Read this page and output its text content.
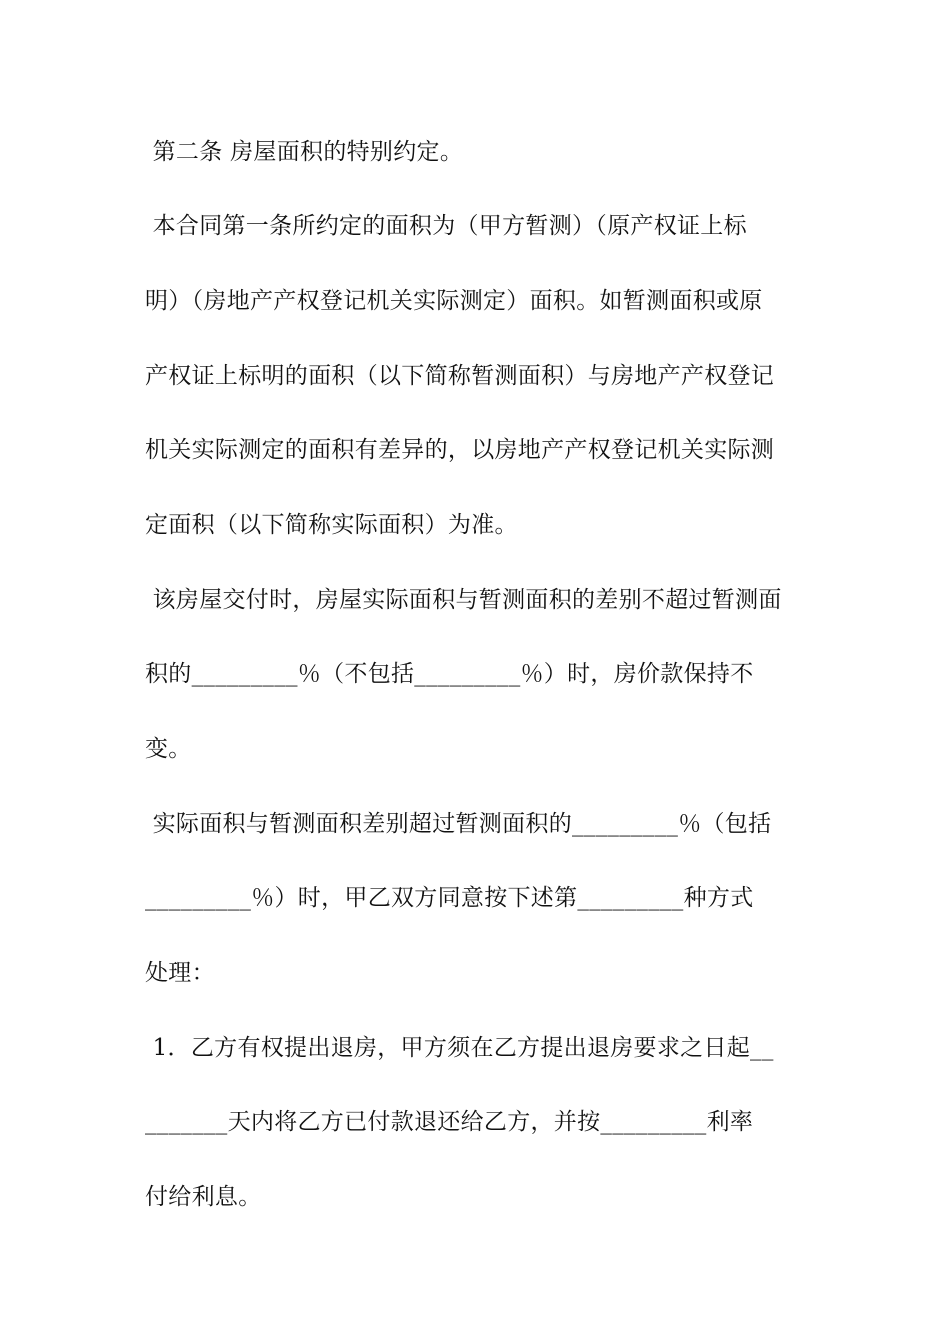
第二条 房屋面积的特别约定。
本合同第一条所约定的面积为（甲方暂测）（原产权证上标
明）（房地产产权登记机关实际测定）面积。如暂测面积或原
产权证上标明的面积（以下简称暂测面积）与房地产产权登记
机关实际测定的面积有差异的，以房地产产权登记机关实际测
定面积（以下简称实际面积）为准。
该房屋交付时，房屋实际面积与暂测面积的差别不超过暂测面
积的_________％（不包括_________％）时，房价款保持不
变。
实际面积与暂测面积差别超过暂测面积的_________％（包括
_________％）时，甲乙双方同意按下述第_________种方式
处理：
1．乙方有权提出退房，甲方须在乙方提出退房要求之日起__
_______天内将乙方已付款退还给乙方，并按_________利率
付给利息。
